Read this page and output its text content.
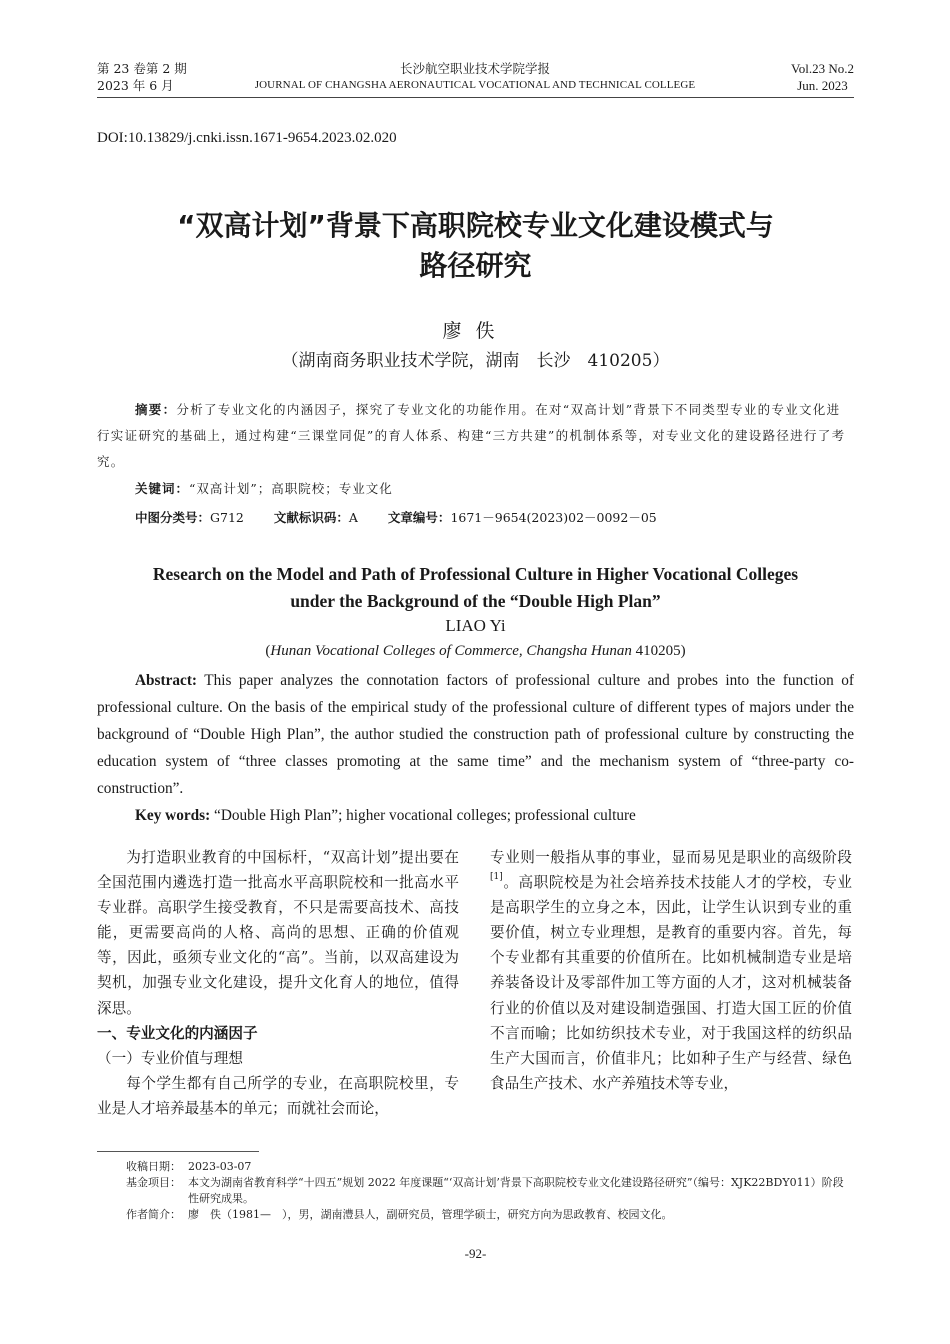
第 23 卷第 2 期
2023 年 6 月
长沙航空职业技术学院学报
JOURNAL OF CHANGSHA AERONAUTICAL VOCATIONAL AND TECHNICAL COLLEGE
Vol.23 No.2
Jun. 2023
DOI:10.13829/j.cnki.issn.1671-9654.2023.02.020
“双高计划”背景下高职院校专业文化建设模式与
路径研究
廖佚
（湖南商务职业技术学院，湖南　长沙　410205）
摘要：分析了专业文化的内涵因子，探究了专业文化的功能作用。在对“双高计划”背景下不同类型专业的专业文化进行实证研究的基础上，通过构建“三课堂同促”的育人体系、构建“三方共建”的机制体系等，对专业文化的建设路径进行了考究。
关键词：“双高计划”；高职院校；专业文化
中图分类号：G712 文献标识码：A 文章编号：1671－9654(2023)02－0092－05
Research on the Model and Path of Professional Culture in Higher Vocational Colleges
under the Background of the “Double High Plan”
LIAO Yi
(Hunan Vocational Colleges of Commerce, Changsha Hunan 410205)
Abstract: This paper analyzes the connotation factors of professional culture and probes into the function of professional culture. On the basis of the empirical study of the professional culture of different types of majors under the background of “Double High Plan”, the author studied the construction path of professional culture by constructing the education system of “three classes promoting at the same time” and the mechanism system of “three-party co-construction”.
Key words: “Double High Plan”; higher vocational colleges; professional culture

为打造职业教育的中国标杆，“双高计划”提出要在全国范围内遴选打造一批高水平高职院校和一批高水平专业群。高职学生接受教育，不只是需要高技术、高技能，更需要高尚的人格、高尚的思想、正确的价值观等，因此，亟须专业文化的“高”。当前，以双高建设为契机，加强专业文化建设，提升文化育人的地位，值得深思。

一、专业文化的内涵因子

（一）专业价值与理想

每个学生都有自己所学的专业，在高职院校里，专业是人才培养最基本的单元；而就社会而论，

专业则一般指从事的事业，显而易见是职业的高级阶段[1]。高职院校是为社会培养技术技能人才的学校，专业是高职学生的立身之本，因此，让学生认识到专业的重要价值，树立专业理想，是教育的重要内容。首先，每个专业都有其重要的价值所在。比如机械制造专业是培养装备设计及零部件加工等方面的人才，这对机械装备行业的价值以及对建设制造强国、打造大国工匠的价值不言而喻；比如纺织技术专业，对于我国这样的纺织品生产大国而言，价值非凡；比如种子生产与经营、绿色食品生产技术、水产养殖技术等专业，

收稿日期： 2023-03-07
基金项目： 本文为湖南省教育科学“十四五”规划 2022 年度课题“‘双高计划’背景下高职院校专业文化建设路径研究”（编号：XJK22BDY011）阶段性研究成果。
作者简介： 廖　佚（1981—　），男，湖南澧县人，副研究员，管理学硕士，研究方向为思政教育、校园文化。
-92-
